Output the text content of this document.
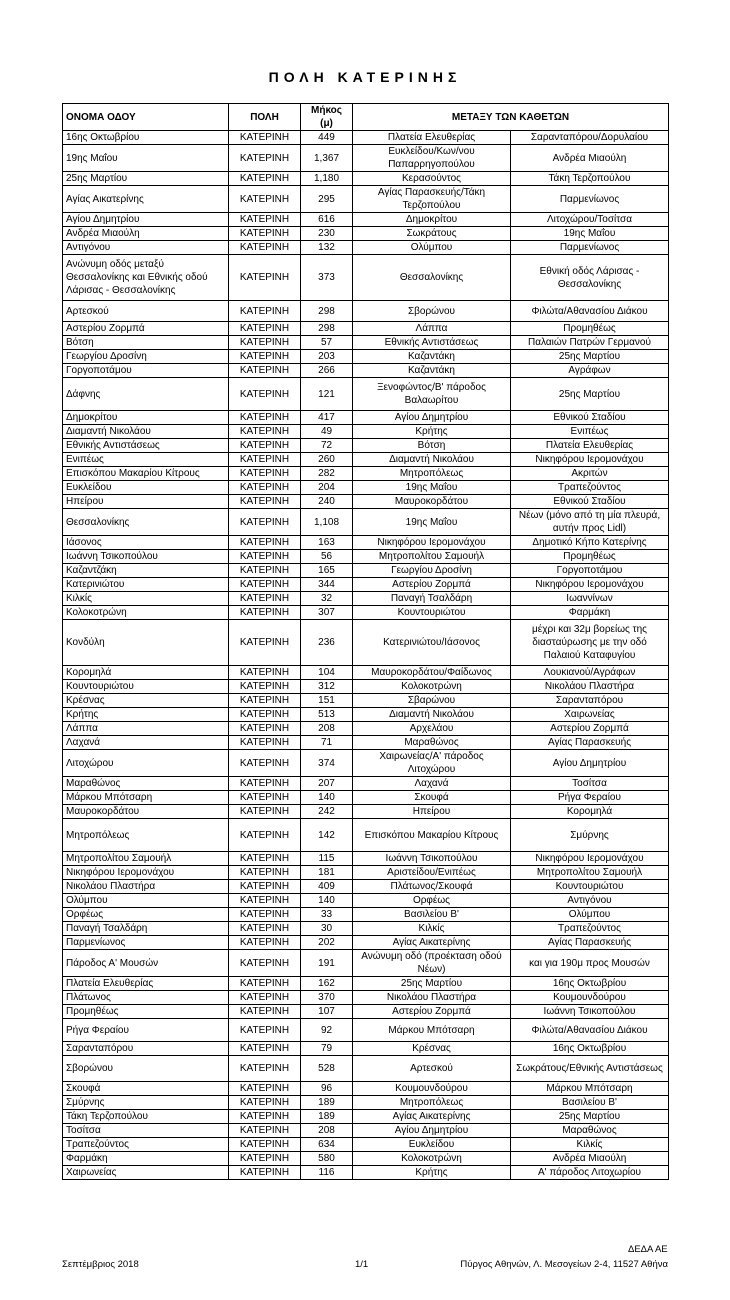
ΠΟΛΗ ΚΑΤΕΡΙΝΗΣ
ΟΝΟΜΑ ΟΔΟΥ	ΠΟΛΗ	Μήκος (μ)	ΜΕΤΑΞΥ ΤΩΝ ΚΑΘΕΤΩΝ	
16ης Οκτωβρίου	ΚΑΤΕΡΙΝΗ	449	Πλατεία Ελευθερίας	Σαρανταπόρου/Δορυλαίου
19ης Μαΐου	ΚΑΤΕΡΙΝΗ	1,367	Ευκλείδου/Κων/νου Παπαρρηγοπούλου	Ανδρέα Μιαούλη
25ης Μαρτίου	ΚΑΤΕΡΙΝΗ	1,180	Κερασούντος	Τάκη Τερζοπούλου
Αγίας Αικατερίνης	ΚΑΤΕΡΙΝΗ	295	Αγίας Παρασκευής/Τάκη Τερζοπούλου	Παρμενίωνος
Αγίου Δημητρίου	ΚΑΤΕΡΙΝΗ	616	Δημοκρίτου	Λιτοχώρου/Τοσίτσα
Ανδρέα Μιαούλη	ΚΑΤΕΡΙΝΗ	230	Σωκράτους	19ης Μαΐου
Αντιγόνου	ΚΑΤΕΡΙΝΗ	132	Ολύμπου	Παρμενίωνος
Ανώνυμη οδός μεταξύ Θεσσαλονίκης και Εθνικής οδού Λάρισας - Θεσσαλονίκης	ΚΑΤΕΡΙΝΗ	373	Θεσσαλονίκης	Εθνική οδός Λάρισας - Θεσσαλονίκης
Αρτεσκού	ΚΑΤΕΡΙΝΗ	298	Σβορώνου	Φιλώτα/Αθανασίου Διάκου
Αστερίου Ζορμπά	ΚΑΤΕΡΙΝΗ	298	Λάππα	Προμηθέως
Βότση	ΚΑΤΕΡΙΝΗ	57	Εθνικής Αντιστάσεως	Παλαιών Πατρών Γερμανού
Γεωργίου Δροσίνη	ΚΑΤΕΡΙΝΗ	203	Καζαντάκη	25ης Μαρτίου
Γοργοποτάμου	ΚΑΤΕΡΙΝΗ	266	Καζαντάκη	Αγράφων
Δάφνης	ΚΑΤΕΡΙΝΗ	121	Ξενοφώντος/Β' πάροδος Βαλαωρίτου	25ης Μαρτίου
Δημοκρίτου	ΚΑΤΕΡΙΝΗ	417	Αγίου Δημητρίου	Εθνικού Σταδίου
Διαμαντή Νικολάου	ΚΑΤΕΡΙΝΗ	49	Κρήτης	Ενιπέως
Εθνικής Αντιστάσεως	ΚΑΤΕΡΙΝΗ	72	Βότση	Πλατεία Ελευθερίας
Ενιπέως	ΚΑΤΕΡΙΝΗ	260	Διαμαντή Νικολάου	Νικηφόρου Ιερομονάχου
Επισκόπου Μακαρίου Κίτρους	ΚΑΤΕΡΙΝΗ	282	Μητροπόλεως	Ακριτών
Ευκλείδου	ΚΑΤΕΡΙΝΗ	204	19ης Μαΐου	Τραπεζούντος
Ηπείρου	ΚΑΤΕΡΙΝΗ	240	Μαυροκορδάτου	Εθνικού Σταδίου
Θεσσαλονίκης	ΚΑΤΕΡΙΝΗ	1,108	19ης Μαΐου	Νέων (μόνο από τη μία πλευρά, αυτήν προς Lidl)
Ιάσονος	ΚΑΤΕΡΙΝΗ	163	Νικηφόρου Ιερομονάχου	Δημοτικό Κήπο Κατερίνης
Ιωάννη Τσικοπούλου	ΚΑΤΕΡΙΝΗ	56	Μητροπολίτου Σαμουήλ	Προμηθέως
Καζαντζάκη	ΚΑΤΕΡΙΝΗ	165	Γεωργίου Δροσίνη	Γοργοποτάμου
Κατερινιώτου	ΚΑΤΕΡΙΝΗ	344	Αστερίου Ζορμπά	Νικηφόρου Ιερομονάχου
Κιλκίς	ΚΑΤΕΡΙΝΗ	32	Παναγή Τσαλδάρη	Ιωαννίνων
Κολοκοτρώνη	ΚΑΤΕΡΙΝΗ	307	Κουντουριώτου	Φαρμάκη
Κονδύλη	ΚΑΤΕΡΙΝΗ	236	Κατερινιώτου/Ιάσονος	μέχρι και 32μ βορείως της διασταύρωσης με την οδό Παλαιού Καταφυγίου
Κορομηλά	ΚΑΤΕΡΙΝΗ	104	Μαυροκορδάτου/Φαίδωνος	Λουκιανού/Αγράφων
Κουντουριώτου	ΚΑΤΕΡΙΝΗ	312	Κολοκοτρώνη	Νικολάου Πλαστήρα
Κρέσνας	ΚΑΤΕΡΙΝΗ	151	Σβαρώνου	Σαρανταπόρου
Κρήτης	ΚΑΤΕΡΙΝΗ	513	Διαμαντή Νικολάου	Χαιρωνείας
Λάππα	ΚΑΤΕΡΙΝΗ	208	Αρχελάου	Αστερίου Ζορμπά
Λαχανά	ΚΑΤΕΡΙΝΗ	71	Μαραθώνος	Αγίας Παρασκευής
Λιτοχώρου	ΚΑΤΕΡΙΝΗ	374	Χαιρωνείας/Α' πάροδος Λιτοχώρου	Αγίου Δημητρίου
Μαραθώνος	ΚΑΤΕΡΙΝΗ	207	Λαχανά	Τοσίτσα
Μάρκου Μπότσαρη	ΚΑΤΕΡΙΝΗ	140	Σκουφά	Ρήγα Φεραίου
Μαυροκορδάτου	ΚΑΤΕΡΙΝΗ	242	Ηπείρου	Κορομηλά
Μητροπόλεως	ΚΑΤΕΡΙΝΗ	142	Επισκόπου Μακαρίου Κίτρους	Σμύρνης
Μητροπολίτου Σαμουήλ	ΚΑΤΕΡΙΝΗ	115	Ιωάννη Τσικοπούλου	Νικηφόρου Ιερομονάχου
Νικηφόρου Ιερομονάχου	ΚΑΤΕΡΙΝΗ	181	Αριστείδου/Ενιπέως	Μητροπολίτου Σαμουήλ
Νικολάου Πλαστήρα	ΚΑΤΕΡΙΝΗ	409	Πλάτωνος/Σκουφά	Κουντουριώτου
Ολύμπου	ΚΑΤΕΡΙΝΗ	140	Ορφέως	Αντιγόνου
Ορφέως	ΚΑΤΕΡΙΝΗ	33	Βασιλείου Β'	Ολύμπου
Παναγή Τσαλδάρη	ΚΑΤΕΡΙΝΗ	30	Κιλκίς	Τραπεζούντος
Παρμενίωνος	ΚΑΤΕΡΙΝΗ	202	Αγίας Αικατερίνης	Αγίας Παρασκευής
Πάροδος Α' Μουσών	ΚΑΤΕΡΙΝΗ	191	Ανώνυμη οδό (προέκταση οδού Νέων)	και για 190μ προς Μουσών
Πλατεία Ελευθερίας	ΚΑΤΕΡΙΝΗ	162	25ης Μαρτίου	16ης Οκτωβρίου
Πλάτωνος	ΚΑΤΕΡΙΝΗ	370	Νικολάου Πλαστήρα	Κουμουνδούρου
Προμηθέως	ΚΑΤΕΡΙΝΗ	107	Αστερίου Ζορμπά	Ιωάννη Τσικοπούλου
Ρήγα Φεραίου	ΚΑΤΕΡΙΝΗ	92	Μάρκου Μπότσαρη	Φιλώτα/Αθανασίου Διάκου
Σαρανταπόρου	ΚΑΤΕΡΙΝΗ	79	Κρέσνας	16ης Οκτωβρίου
Σβορώνου	ΚΑΤΕΡΙΝΗ	528	Αρτεσκού	Σωκράτους/Εθνικής Αντιστάσεως
Σκουφά	ΚΑΤΕΡΙΝΗ	96	Κουμουνδούρου	Μάρκου Μπότσαρη
Σμύρνης	ΚΑΤΕΡΙΝΗ	189	Μητροπόλεως	Βασιλείου Β'
Τάκη Τερζοπούλου	ΚΑΤΕΡΙΝΗ	189	Αγίας Αικατερίνης	25ης Μαρτίου
Τοσίτσα	ΚΑΤΕΡΙΝΗ	208	Αγίου Δημητρίου	Μαραθώνος
Τραπεζούντος	ΚΑΤΕΡΙΝΗ	634	Ευκλείδου	Κιλκίς
Φαρμάκη	ΚΑΤΕΡΙΝΗ	580	Κολοκοτρώνη	Ανδρέα Μιαούλη
Χαιρωνείας	ΚΑΤΕΡΙΝΗ	116	Κρήτης	Α' πάροδος Λιτοχωρίου
ΔΕΔΑ ΑΕ
Σεπτέμβριος 2018	1/1	Πύργος Αθηνών, Λ. Μεσογείων 2-4, 11527 Αθήνα
